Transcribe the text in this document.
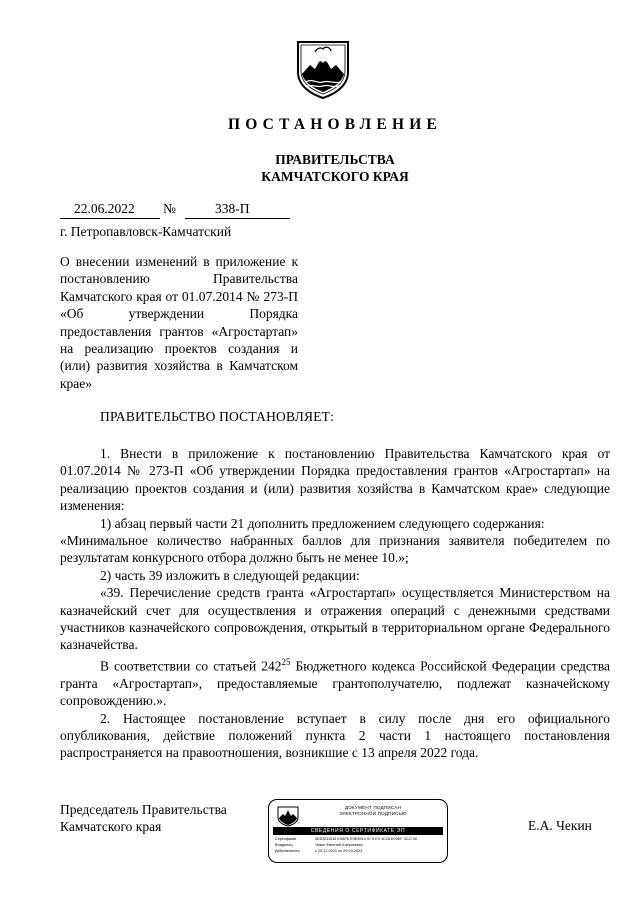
ПОСТАНОВЛЕНИЕ
ПРАВИТЕЛЬСТВА
КАМЧАТСКОГО КРАЯ
22.06.2022 №	338-П
г. Петропавловск-Камчатский
О внесении изменений в приложение к постановлению Правительства Камчатского края от 01.07.2014 № 273-П «Об утверждении Порядка предоставления грантов «Агростартап» на реализацию проектов создания и (или) развития хозяйства в Камчатском крае»
ПРАВИТЕЛЬСТВО ПОСТАНОВЛЯЕТ:

1. Внести в приложение к постановлению Правительства Камчатского края от 01.07.2014 № 273-П «Об утверждении Порядка предоставления грантов «Агростартап» на реализацию проектов создания и (или) развития хозяйства в Камчатском крае» следующие изменения:

1) абзац первый части 21 дополнить предложением следующего содержания:

«Минимальное количество набранных баллов для признания заявителя победителем по результатам конкурсного отбора должно быть не менее 10.»;

2) часть 39 изложить в следующей редакции:

«39. Перечисление средств гранта «Агростартап» осуществляется Министерством на казначейский счет для осуществления и отражения операций с денежными средствами участников казначейского сопровождения, открытый в территориальном органе Федерального казначейства.

В соответствии со статьей $242^{25}$ Бюджетного кодекса Российской Федерации средства гранта «Агростартап», предоставляемые грантополучателю, подлежат казначейскому сопровождению.».

2. Настоящее постановление вступает в силу после дня его официального опубликования, действие положений пункта 2 части 1 настоящего постановления распространяется на правоотношения, возникшие с 13 апреля 2022 года.

Председатель Правительства
Камчатского края
ДОКУМЕНТ ПОДПИСАН
ЭЛЕКТРОННОЙ ПОДПИСЬЮ
СВЕДЕНИЯ О СЕРТИФИКАТЕ ЭП
Сертификат	0ED3CD516 E0AF6 E0E5913 97 5 E9 3C18 E09EF 3C2740
Владелец	Чекин Евгений Алексеевич
Действителен	с 29.12.2021 по 29.03.2023
Е.А. Чекин
